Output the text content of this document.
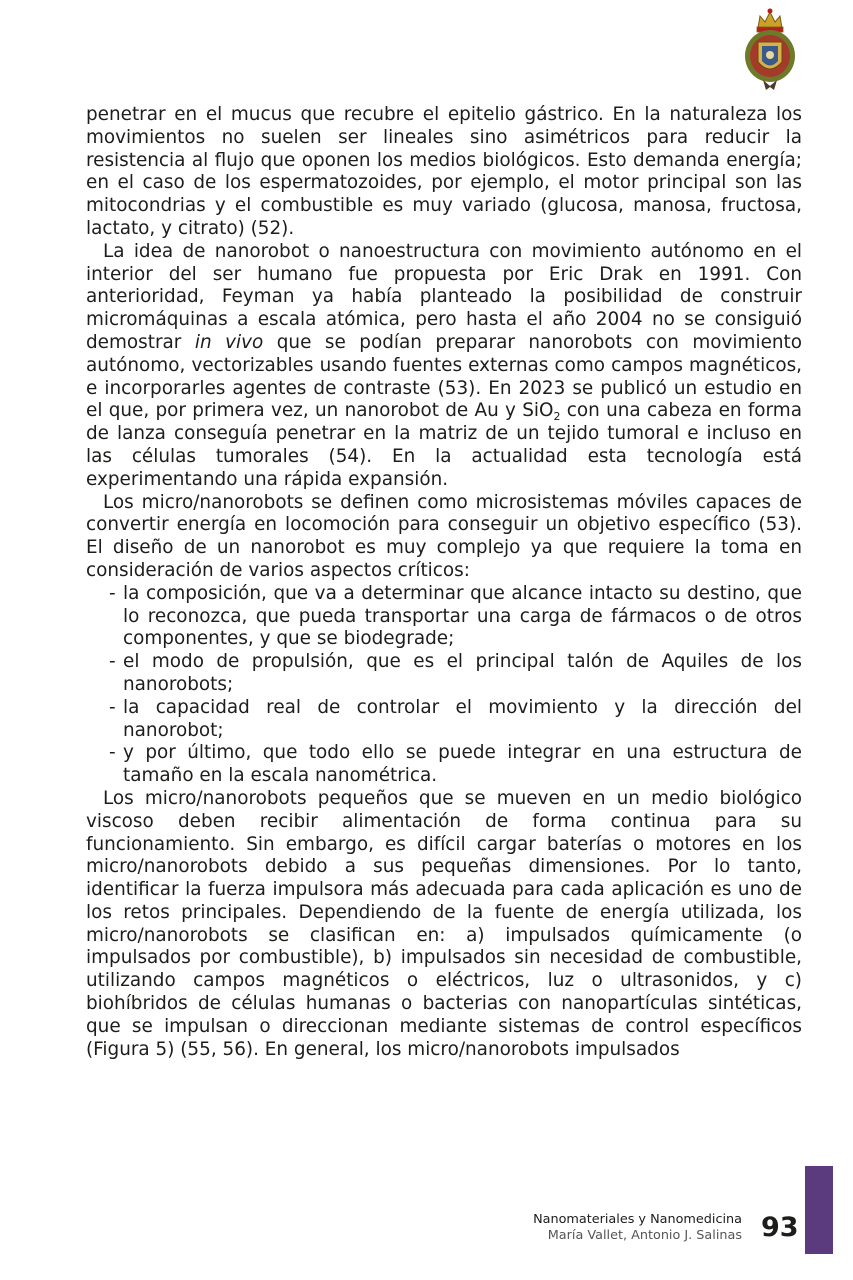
penetrar en el mucus que recubre el epitelio gástrico. En la naturaleza los movimientos no suelen ser lineales sino asimétricos para reducir la resistencia al flujo que oponen los medios biológicos. Esto demanda energía; en el caso de los espermatozoides, por ejemplo, el motor principal son las mitocondrias y el combustible es muy variado (glucosa, manosa, fructosa, lactato, y citrato) (52).

La idea de nanorobot o nanoestructura con movimiento autónomo en el interior del ser humano fue propuesta por Eric Drak en 1991. Con anterioridad, Feyman ya había planteado la posibilidad de construir micromáquinas a escala atómica, pero hasta el año 2004 no se consiguió demostrar in vivo que se podían preparar nanorobots con movimiento autónomo, vectorizables usando fuentes externas como campos magnéticos, e incorporarles agentes de contraste (53). En 2023 se publicó un estudio en el que, por primera vez, un nanorobot de Au y SiO$_2$ con una cabeza en forma de lanza conseguía penetrar en la matriz de un tejido tumoral e incluso en las células tumorales (54). En la actualidad esta tecnología está experimentando una rápida expansión.

Los micro/nanorobots se definen como microsistemas móviles capaces de convertir energía en locomoción para conseguir un objetivo específico (53). El diseño de un nanorobot es muy complejo ya que requiere la toma en consideración de varios aspectos críticos:

- la composición, que va a determinar que alcance intacto su destino, que lo reconozca, que pueda transportar una carga de fármacos o de otros componentes, y que se biodegrade;
- el modo de propulsión, que es el principal talón de Aquiles de los nanorobots;
- la capacidad real de controlar el movimiento y la dirección del nanorobot;
- y por último, que todo ello se puede integrar en una estructura de tamaño en la escala nanométrica.

Los micro/nanorobots pequeños que se mueven en un medio biológico viscoso deben recibir alimentación de forma continua para su funcionamiento. Sin embargo, es difícil cargar baterías o motores en los micro/nanorobots debido a sus pequeñas dimensiones. Por lo tanto, identificar la fuerza impulsora más adecuada para cada aplicación es uno de los retos principales. Dependiendo de la fuente de energía utilizada, los micro/nanorobots se clasifican en: a) impulsados químicamente (o impulsados por combustible), b) impulsados sin necesidad de combustible, utilizando campos magnéticos o eléctricos, luz o ultrasonidos, y c) biohíbridos de células humanas o bacterias con nanopartículas sintéticas, que se impulsan o direccionan mediante sistemas de control específicos (Figura 5) (55, 56). En general, los micro/nanorobots impulsados

Nanomateriales y Nanomedicina
María Vallet, Antonio J. Salinas 93
